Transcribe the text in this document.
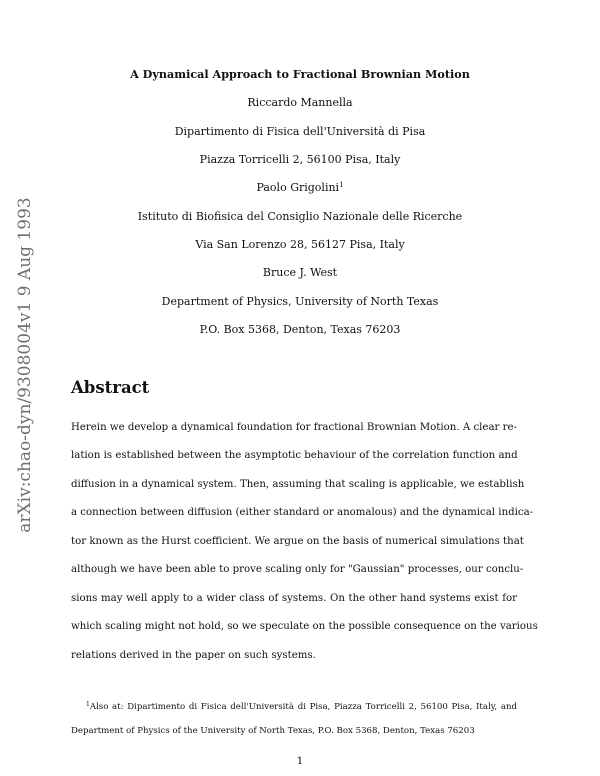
arXiv:chao-dyn/9308004v1 9 Aug 1993
A Dynamical Approach to Fractional Brownian Motion
Riccardo Mannella
Dipartimento di Fisica dell'Università di Pisa
Piazza Torricelli 2, 56100 Pisa, Italy
Paolo Grigolini$^1$
Istituto di Biofisica del Consiglio Nazionale delle Ricerche
Via San Lorenzo 28, 56127 Pisa, Italy
Bruce J. West
Department of Physics, University of North Texas
P.O. Box 5368, Denton, Texas 76203
Abstract
Herein we develop a dynamical foundation for fractional Brownian Motion. A clear re-
lation is established between the asymptotic behaviour of the correlation function and
diffusion in a dynamical system. Then, assuming that scaling is applicable, we establish
a connection between diffusion (either standard or anomalous) and the dynamical indica-
tor known as the Hurst coefficient. We argue on the basis of numerical simulations that
although we have been able to prove scaling only for "Gaussian" processes, our conclu-
sions may well apply to a wider class of systems. On the other hand systems exist for
which scaling might not hold, so we speculate on the possible consequence on the various
relations derived in the paper on such systems.
$^1$Also at: Dipartimento di Fisica dell'Università di Pisa, Piazza Torricelli 2, 56100 Pisa, Italy, and
Department of Physics of the University of North Texas, P.O. Box 5368, Denton, Texas 76203
1
